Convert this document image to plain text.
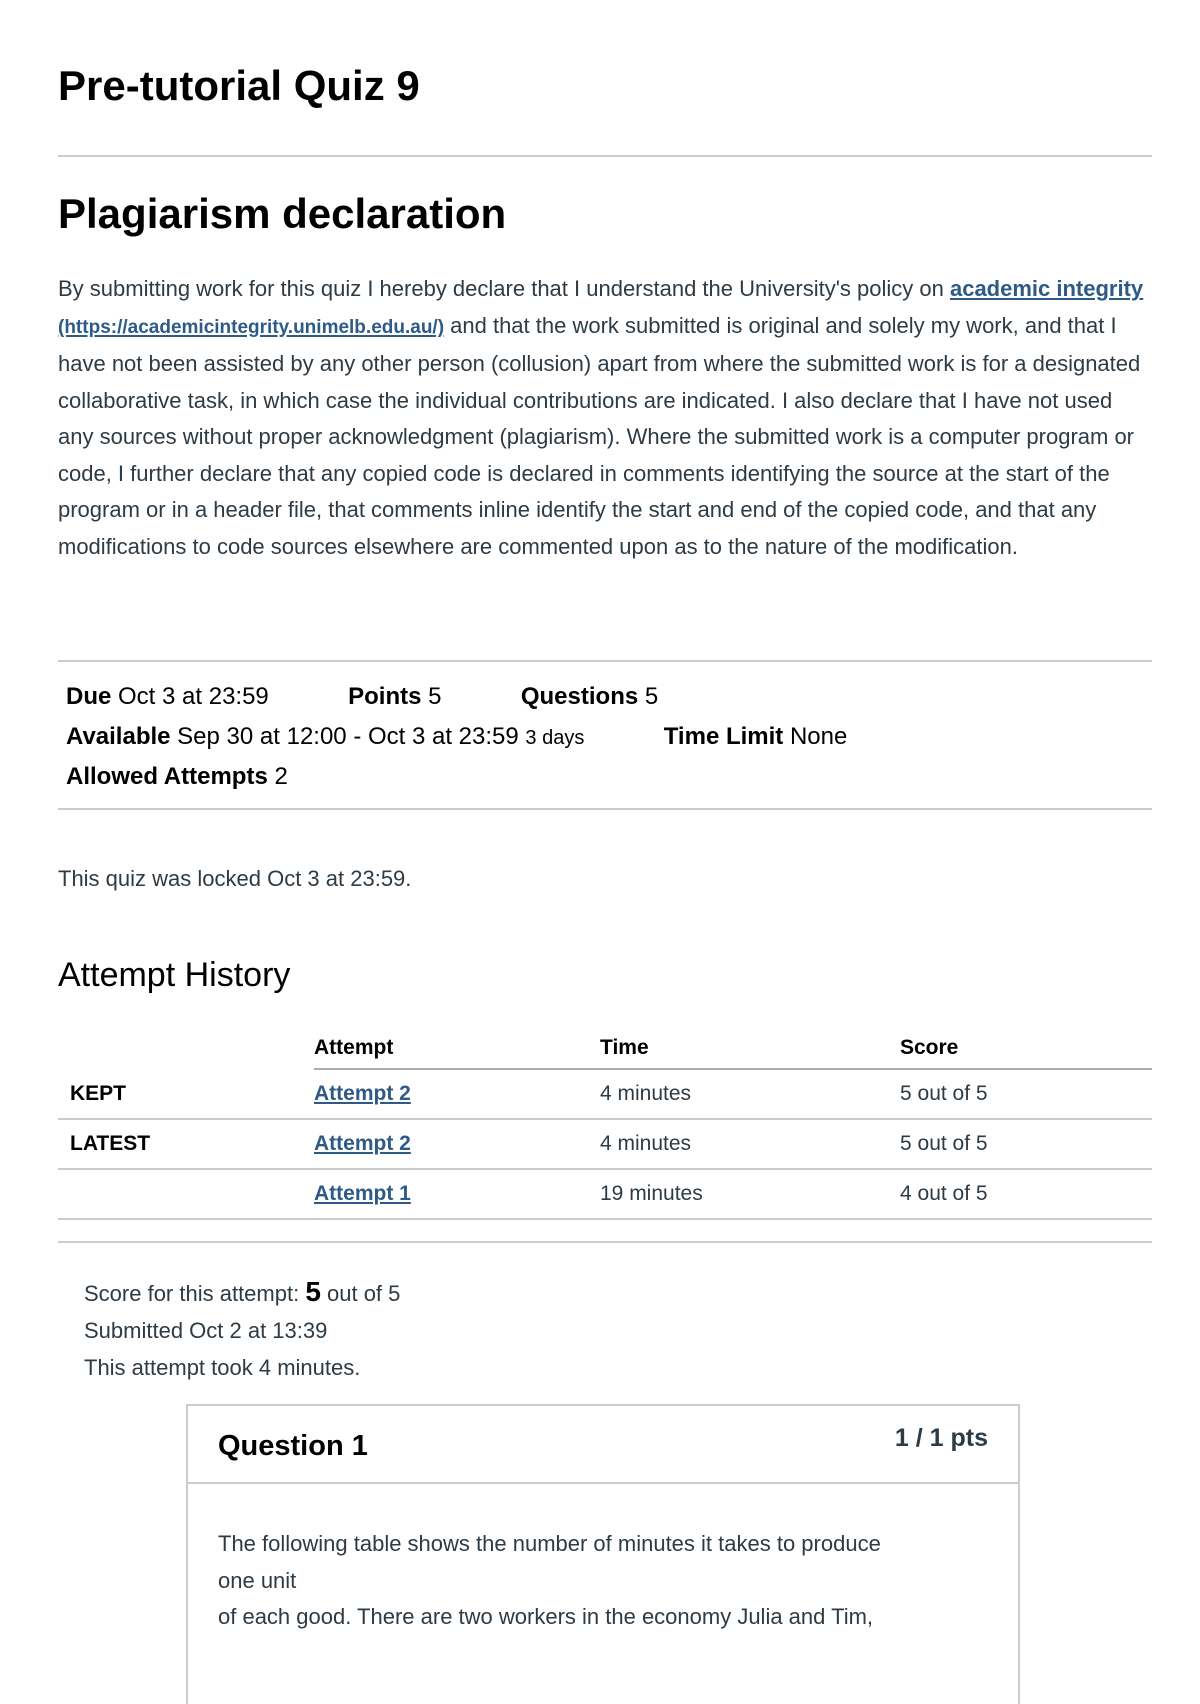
Pre-tutorial Quiz 9
Plagiarism declaration
By submitting work for this quiz I hereby declare that I understand the University's policy on academic integrity (https://academicintegrity.unimelb.edu.au/) and that the work submitted is original and solely my work, and that I have not been assisted by any other person (collusion) apart from where the submitted work is for a designated collaborative task, in which case the individual contributions are indicated. I also declare that I have not used any sources without proper acknowledgment (plagiarism). Where the submitted work is a computer program or code, I further declare that any copied code is declared in comments identifying the source at the start of the program or in a header file, that comments inline identify the start and end of the copied code, and that any modifications to code sources elsewhere are commented upon as to the nature of the modification.
Due Oct 3 at 23:59	Points 5	Questions 5
Available Sep 30 at 12:00 - Oct 3 at 23:59 3 days	Time Limit None
Allowed Attempts 2
This quiz was locked Oct 3 at 23:59.
Attempt History
	Attempt	Time	Score
KEPT	Attempt 2	4 minutes	5 out of 5
LATEST	Attempt 2	4 minutes	5 out of 5
	Attempt 1	19 minutes	4 out of 5
Score for this attempt: 5 out of 5
Submitted Oct 2 at 13:39
This attempt took 4 minutes.
Question 1	1 / 1 pts
The following table shows the number of minutes it takes to produce
one unit
of each good. There are two workers in the economy Julia and Tim,
